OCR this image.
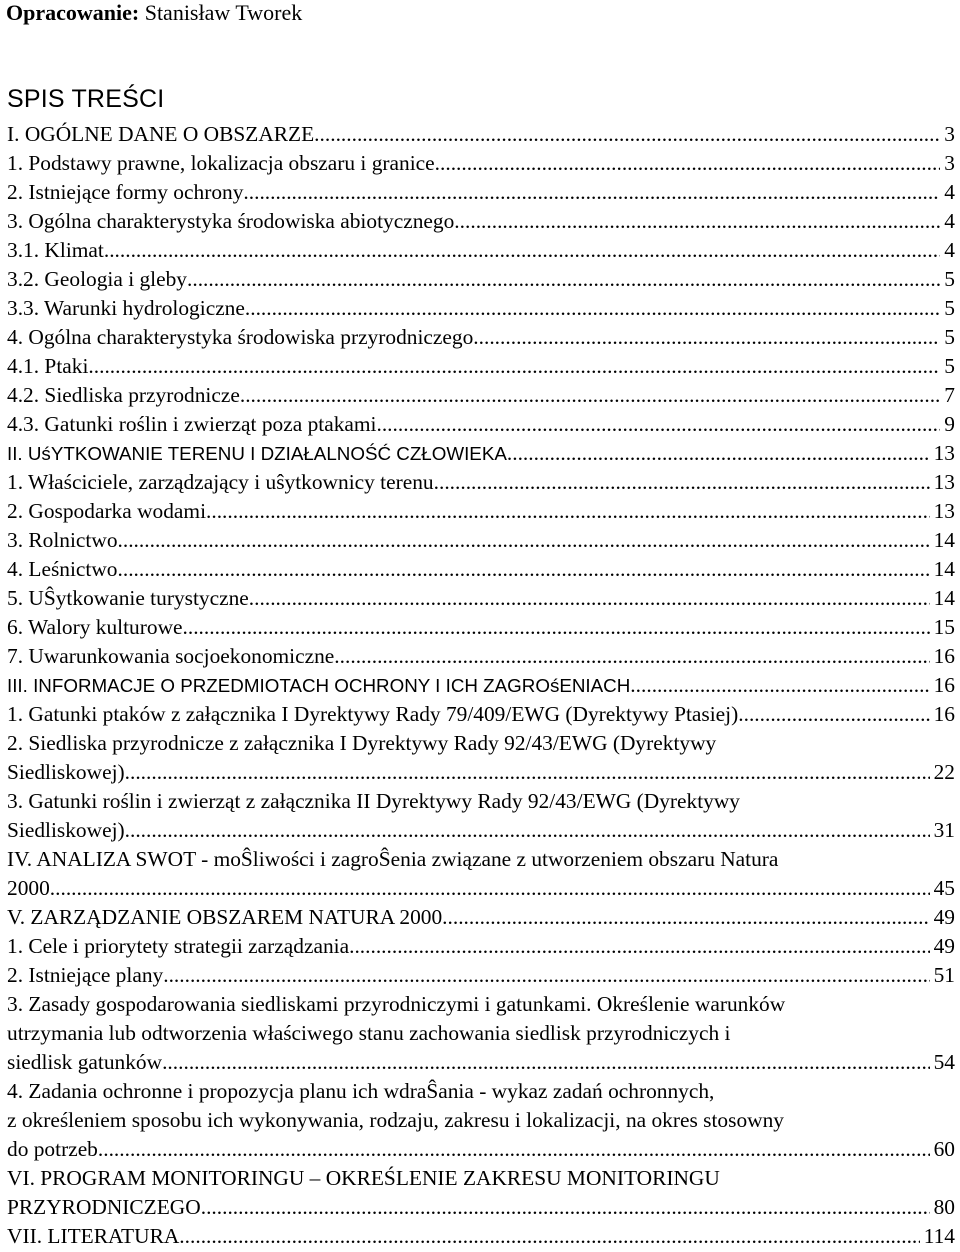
Opracowanie: Stanisław Tworek
SPIS TREŚCI
I. OGÓLNE DANE O OBSZARZE .....	3
1. Podstawy prawne, lokalizacja obszaru i granice .....	3
2. Istniejące formy ochrony .....	4
3. Ogólna charakterystyka środowiska abiotycznego .....	4
3.1. Klimat .....	4
3.2. Geologia i gleby .....	5
3.3. Warunki hydrologiczne .....	5
4. Ogólna charakterystyka środowiska przyrodniczego .....	5
4.1. Ptaki .....	5
4.2. Siedliska przyrodnicze .....	7
4.3. Gatunki roślin i zwierząt poza ptakami .....	9
II. UśYTKOWANIE TERENU I DZIAŁALNOŚĆ CZŁOWIEKA .....	13
1. Właściciele, zarządzający i uŝytkownicy terenu .....	13
2. Gospodarka wodami .....	13
3. Rolnictwo .....	14
4. Leśnictwo .....	14
5. UŜytkowanie turystyczne .....	14
6. Walory kulturowe .....	15
7. Uwarunkowania socjoekonomiczne .....	16
III. INFORMACJE O PRZEDMIOTACH OCHRONY I ICH ZAGROśENIACH .....	16
1. Gatunki ptaków z załącznika I Dyrektywy Rady 79/409/EWG (Dyrektywy Ptasiej) .....	16
2. Siedliska przyrodnicze z załącznika I Dyrektywy Rady 92/43/EWG (Dyrektywy
Siedliskowej) .....	22
3. Gatunki roślin i zwierząt z załącznika II Dyrektywy Rady 92/43/EWG (Dyrektywy
Siedliskowej) .....	31
IV. ANALIZA SWOT - moŜliwości i zagroŜenia związane z utworzeniem obszaru Natura
2000 .....	45
V. ZARZĄDZANIE OBSZAREM NATURA 2000 .....	49
1. Cele i priorytety strategii zarządzania .....	49
2. Istniejące plany .....	51
3. Zasady gospodarowania siedliskami przyrodniczymi i gatunkami. Określenie warunków
utrzymania lub odtworzenia właściwego stanu zachowania siedlisk przyrodniczych i
siedlisk gatunków .....	54
4. Zadania ochronne i propozycja planu ich wdraŜania - wykaz zadań ochronnych,
z określeniem sposobu ich wykonywania, rodzaju, zakresu i lokalizacji, na okres stosowny
do potrzeb .....	60
VI. PROGRAM MONITORINGU – OKREŚLENIE ZAKRESU MONITORINGU
PRZYRODNICZEGO .....	80
VII. LITERATURA .....	114
